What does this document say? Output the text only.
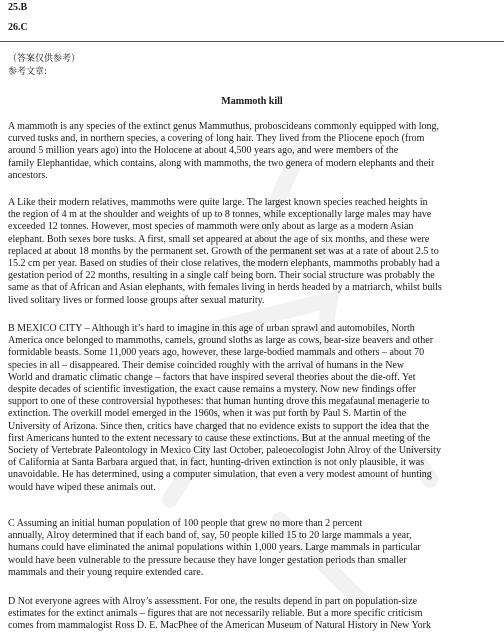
25.B
26.C
（答案仅供参考）
参考文章:
Mammoth kill
A mammoth is any species of the extinct genus Mammuthus, proboscideans commonly equipped with long,
curved tusks and, in northern species, a covering of long hair. They lived from the Pliocene epoch (from
around 5 million years ago) into the Holocene at about 4,500 years ago, and were members of the
family Elephantidae, which contains, along with mammoths, the two genera of modern elephants and their
ancestors.
A Like their modern relatives, mammoths were quite large. The largest known species reached heights in
the region of 4 m at the shoulder and weights of up to 8 tonnes, while exceptionally large males may have
exceeded 12 tonnes. However, most species of mammoth were only about as large as a modern Asian
elephant. Both sexes bore tusks. A first, small set appeared at about the age of six months, and these were
replaced at about 18 months by the permanent set. Growth of the permanent set was at a rate of about 2.5 to
15.2 cm per year. Based on studies of their close relatives, the modern elephants, mammoths probably had a
gestation period of 22 months, resulting in a single calf being born. Their social structure was probably the
same as that of African and Asian elephants, with females living in herds headed by a matriarch, whilst bulls
lived solitary lives or formed loose groups after sexual maturity.
B MEXICO CITY – Although it’s hard to imagine in this age of urban sprawl and automobiles, North
America once belonged to mammoths, camels, ground sloths as large as cows, bear-size beavers and other
formidable beasts. Some 11,000 years ago, however, these large-bodied mammals and others – about 70
species in all – disappeared. Their demise coincided roughly with the arrival of humans in the New
World and dramatic climatic change – factors that have inspired several theories about the die-off. Yet
despite decades of scientific investigation, the exact cause remains a mystery. Now new findings offer
support to one of these controversial hypotheses: that human hunting drove this megafaunal menagerie to
extinction. The overkill model emerged in the 1960s, when it was put forth by Paul S. Martin of the
University of Arizona. Since then, critics have charged that no evidence exists to support the idea that the
first Americans hunted to the extent necessary to cause these extinctions. But at the annual meeting of the
Society of Vertebrate Paleontology in Mexico City last October, paleoecologist John Alroy of the University
of California at Santa Barbara argued that, in fact, hunting-driven extinction is not only plausible, it was
unavoidable. He has determined, using a computer simulation, that even a very modest amount of hunting
would have wiped these animals out.
C Assuming an initial human population of 100 people that grew no more than 2 percent
annually, Alroy determined that if each band of, say, 50 people killed 15 to 20 large mammals a year,
humans could have eliminated the animal populations within 1,000 years. Large mammals in particular
would have been vulnerable to the pressure because they have longer gestation periods than smaller
mammals and their young require extended care.
D Not everyone agrees with Alroy’s assessment. For one, the results depend in part on population-size
estimates for the extinct animals – figures that are not necessarily reliable. But a more specific criticism
comes from mammalogist Ross D. E. MacPhee of the American Museum of Natural History in New York
